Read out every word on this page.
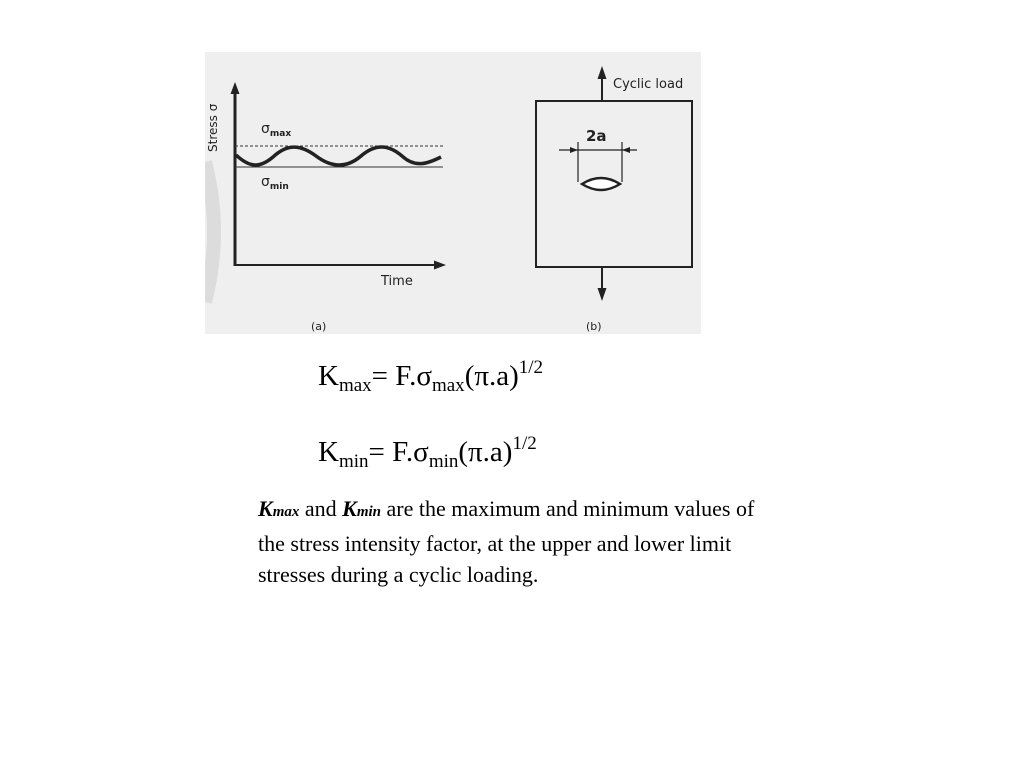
Stress σ	$\sigma_{max}$
$\sigma_{min}$
Time
(a)
Cyclic load
2a
(b)
$K_{max}= F.\sigma_{max}(\pi.a)^{1/2}$
$K_{min}= F.\sigma_{min}(\pi.a)^{1/2}$
Kmax and Kmin are the maximum and minimum values of the stress intensity factor, at the upper and lower limit stresses during a cyclic loading.
